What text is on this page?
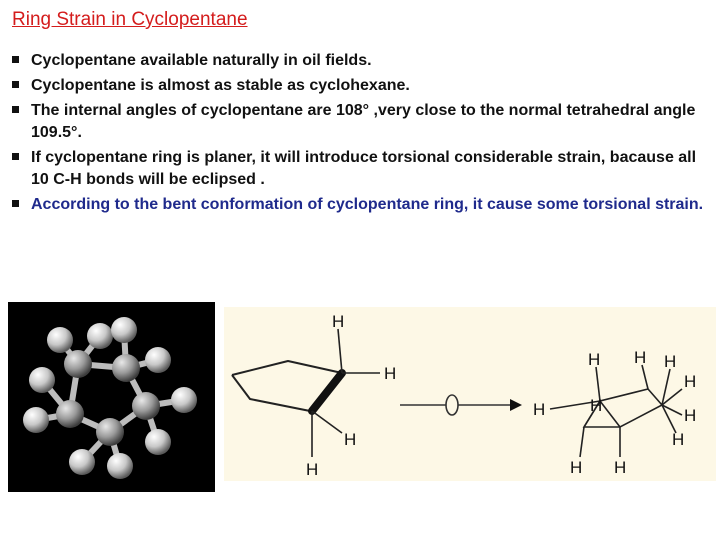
Ring Strain in Cyclopentane
Cyclopentane available naturally in oil fields.
Cyclopentane is almost as stable as cyclohexane.
The internal angles of cyclopentane are 108° ,very close to the normal tetrahedral angle 109.5°.
If cyclopentane ring is planer, it will introduce torsional considerable strain, bacause all 10 C-H bonds will be eclipsed .
According to the bent conformation of cyclopentane ring, it cause some torsional strain.
H
H
H
H
H
H
H
H H
H
H
H
H H
